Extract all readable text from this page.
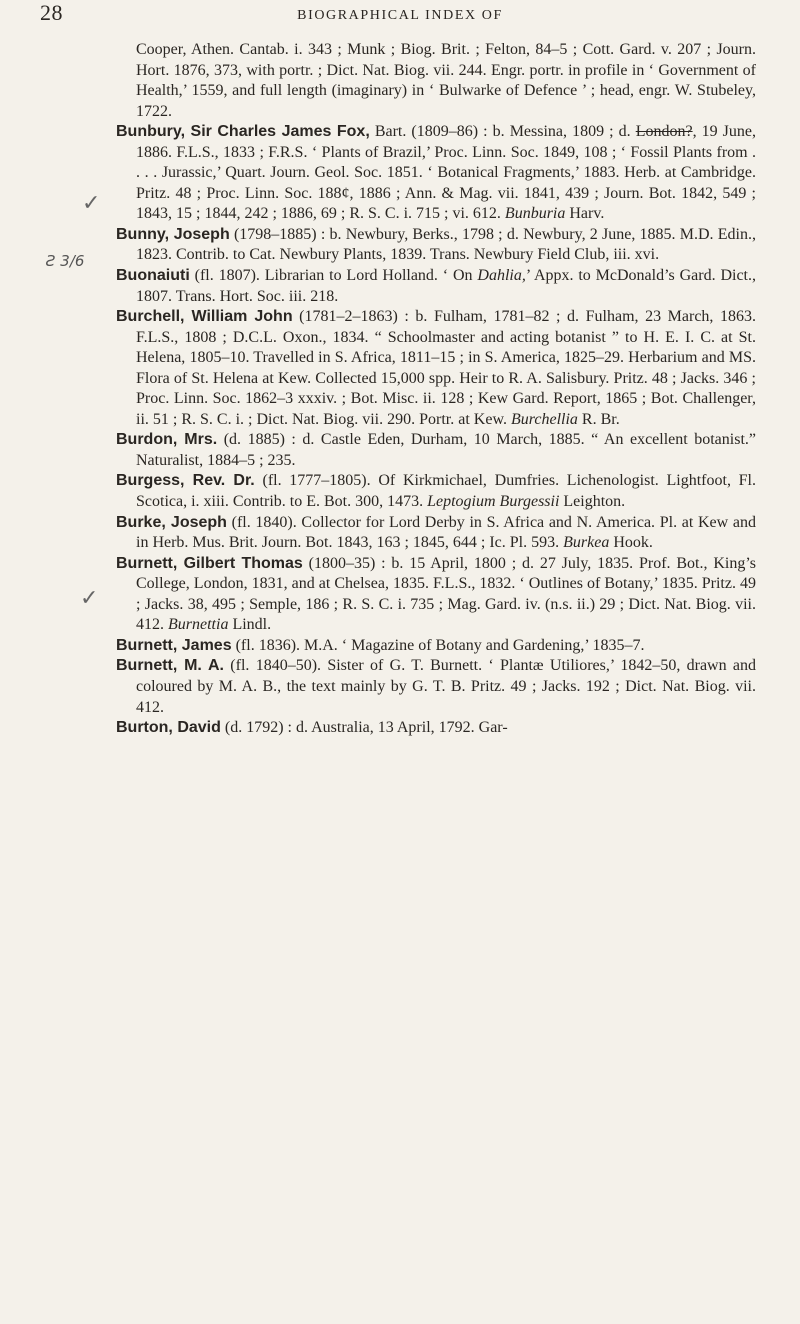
28	BIOGRAPHICAL INDEX OF
✓
Ƨ 3/6
✓

Cooper, Athen. Cantab. i. 343 ; Munk ; Biog. Brit. ; Felton, 84–5 ; Cott. Gard. v. 207 ; Journ. Hort. 1876, 373, with portr. ; Dict. Nat. Biog. vii. 244. Engr. portr. in profile in ‘ Government of Health,’ 1559, and full length (imaginary) in ‘ Bulwarke of Defence ’ ; head, engr. W. Stubeley, 1722.

Bunbury, Sir Charles James Fox, Bart. (1809–86) : b. Messina, 1809 ; d. London?, 19 June, 1886. F.L.S., 1833 ; F.R.S. ‘ Plants of Brazil,’ Proc. Linn. Soc. 1849, 108 ; ‘ Fossil Plants from . . . . Jurassic,’ Quart. Journ. Geol. Soc. 1851. ‘ Botanical Fragments,’ 1883. Herb. at Cambridge. Pritz. 48 ; Proc. Linn. Soc. 188¢, 1886 ; Ann. & Mag. vii. 1841, 439 ; Journ. Bot. 1842, 549 ; 1843, 15 ; 1844, 242 ; 1886, 69 ; R. S. C. i. 715 ; vi. 612. Bunburia Harv.

Bunny, Joseph (1798–1885) : b. Newbury, Berks., 1798 ; d. Newbury, 2 June, 1885. M.D. Edin., 1823. Contrib. to Cat. Newbury Plants, 1839. Trans. Newbury Field Club, iii. xvi.

Buonaiuti (fl. 1807). Librarian to Lord Holland. ‘ On Dahlia,’ Appx. to McDonald’s Gard. Dict., 1807. Trans. Hort. Soc. iii. 218.

Burchell, William John (1781–2–1863) : b. Fulham, 1781–82 ; d. Fulham, 23 March, 1863. F.L.S., 1808 ; D.C.L. Oxon., 1834. “ Schoolmaster and acting botanist ” to H. E. I. C. at St. Helena, 1805–10. Travelled in S. Africa, 1811–15 ; in S. America, 1825–29. Herbarium and MS. Flora of St. Helena at Kew. Collected 15,000 spp. Heir to R. A. Salisbury. Pritz. 48 ; Jacks. 346 ; Proc. Linn. Soc. 1862–3 xxxiv. ; Bot. Misc. ii. 128 ; Kew Gard. Report, 1865 ; Bot. Challenger, ii. 51 ; R. S. C. i. ; Dict. Nat. Biog. vii. 290. Portr. at Kew. Burchellia R. Br.

Burdon, Mrs. (d. 1885) : d. Castle Eden, Durham, 10 March, 1885. “ An excellent botanist.” Naturalist, 1884–5 ; 235.

Burgess, Rev. Dr. (fl. 1777–1805). Of Kirkmichael, Dumfries. Lichenologist. Lightfoot, Fl. Scotica, i. xiii. Contrib. to E. Bot. 300, 1473. Leptogium Burgessii Leighton.

Burke, Joseph (fl. 1840). Collector for Lord Derby in S. Africa and N. America. Pl. at Kew and in Herb. Mus. Brit. Journ. Bot. 1843, 163 ; 1845, 644 ; Ic. Pl. 593. Burkea Hook.

Burnett, Gilbert Thomas (1800–35) : b. 15 April, 1800 ; d. 27 July, 1835. Prof. Bot., King’s College, London, 1831, and at Chelsea, 1835. F.L.S., 1832. ‘ Outlines of Botany,’ 1835. Pritz. 49 ; Jacks. 38, 495 ; Semple, 186 ; R. S. C. i. 735 ; Mag. Gard. iv. (n.s. ii.) 29 ; Dict. Nat. Biog. vii. 412. Burnettia Lindl.

Burnett, James (fl. 1836). M.A. ‘ Magazine of Botany and Gardening,’ 1835–7.

Burnett, M. A. (fl. 1840–50). Sister of G. T. Burnett. ‘ Plantæ Utiliores,’ 1842–50, drawn and coloured by M. A. B., the text mainly by G. T. B. Pritz. 49 ; Jacks. 192 ; Dict. Nat. Biog. vii. 412.

Burton, David (d. 1792) : d. Australia, 13 April, 1792. Gar-
